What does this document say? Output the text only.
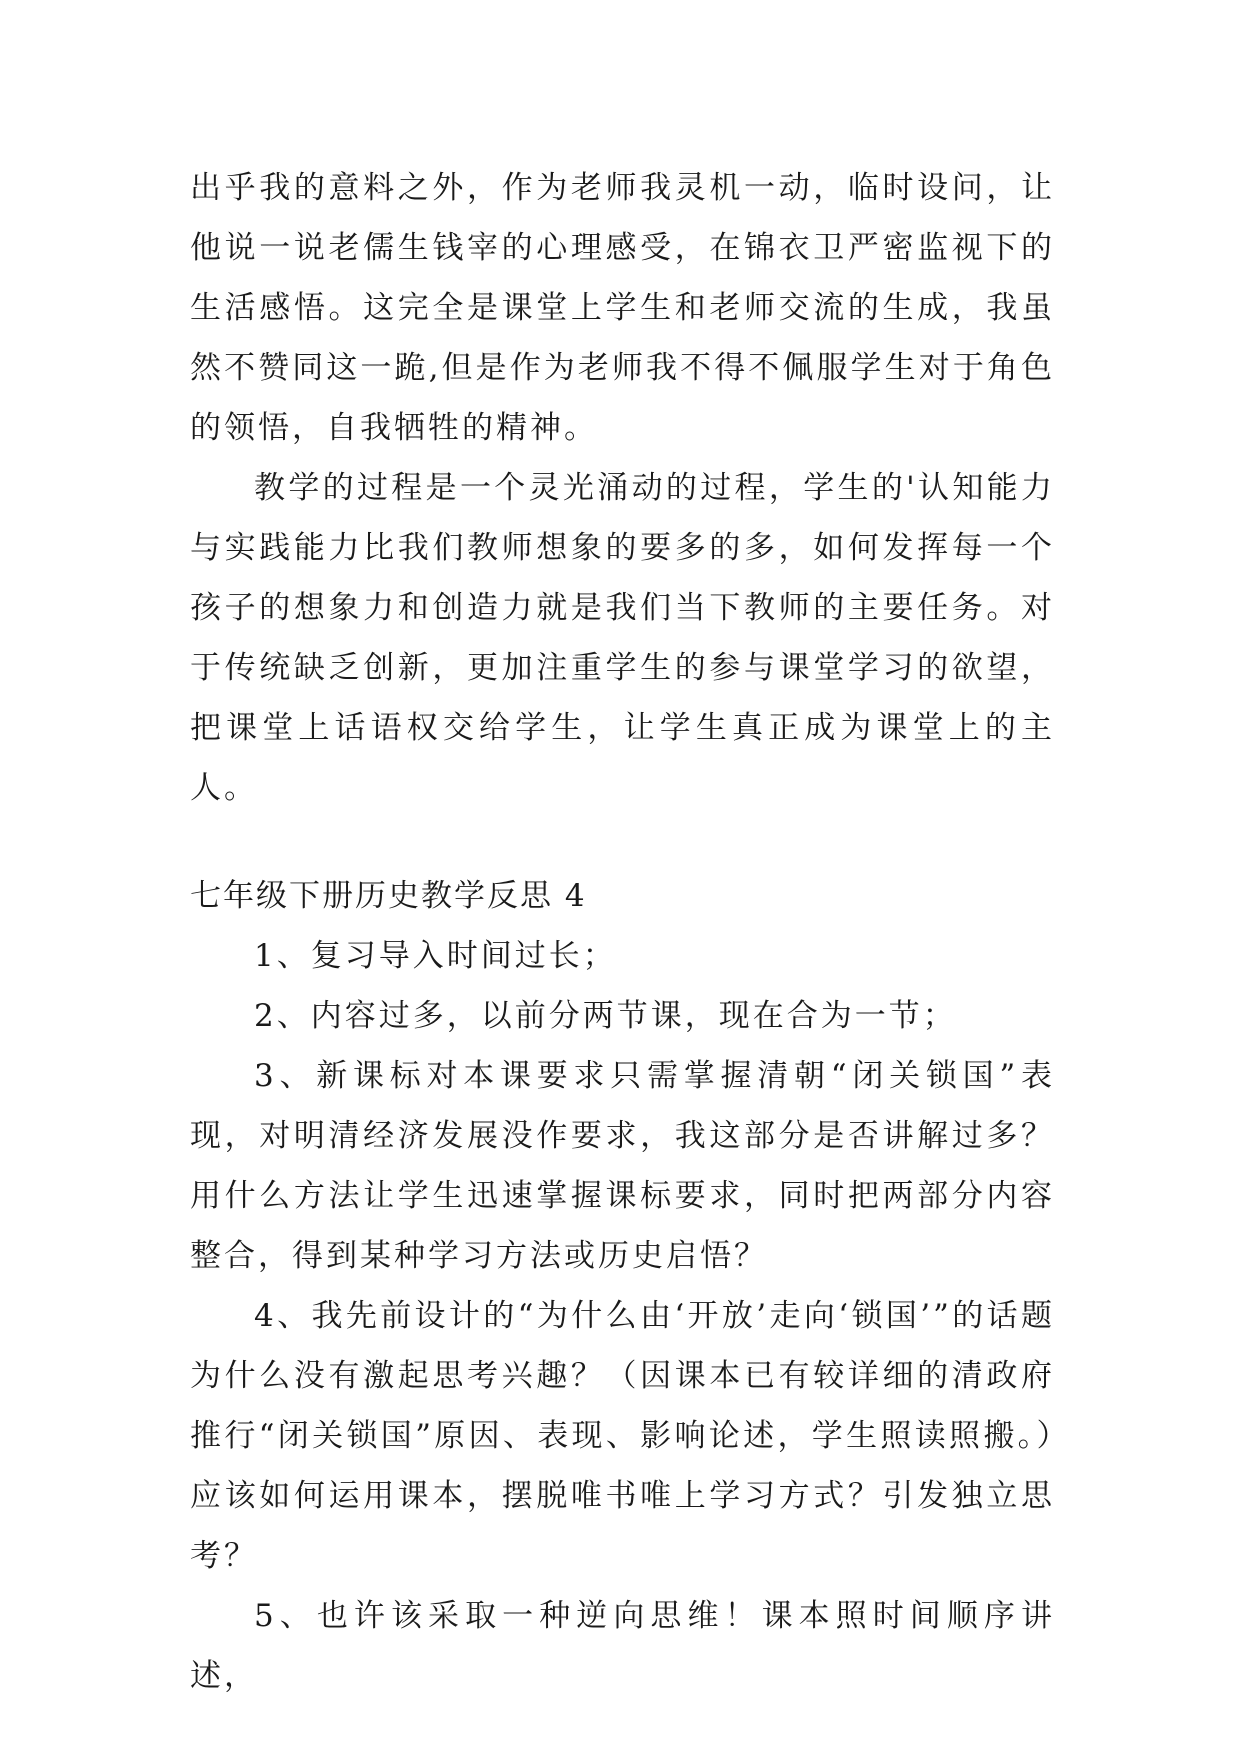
出乎我的意料之外，作为老师我灵机一动，临时设问，让他说一说老儒生钱宰的心理感受，在锦衣卫严密监视下的生活感悟。这完全是课堂上学生和老师交流的生成，我虽然不赞同这一跪,但是作为老师我不得不佩服学生对于角色的领悟，自我牺牲的精神。

教学的过程是一个灵光涌动的过程，学生的'认知能力与实践能力比我们教师想象的要多的多，如何发挥每一个孩子的想象力和创造力就是我们当下教师的主要任务。对于传统缺乏创新，更加注重学生的参与课堂学习的欲望，把课堂上话语权交给学生，让学生真正成为课堂上的主人。

七年级下册历史教学反思 4

1、复习导入时间过长；

2、内容过多，以前分两节课，现在合为一节；

3、新课标对本课要求只需掌握清朝“闭关锁国”表现，对明清经济发展没作要求，我这部分是否讲解过多？用什么方法让学生迅速掌握课标要求，同时把两部分内容整合，得到某种学习方法或历史启悟？

4、我先前设计的“为什么由‘开放’走向‘锁国’”的话题为什么没有激起思考兴趣？（因课本已有较详细的清政府推行“闭关锁国”原因、表现、影响论述，学生照读照搬。）应该如何运用课本，摆脱唯书唯上学习方式？引发独立思考？

5、也许该采取一种逆向思维！课本照时间顺序讲述，
